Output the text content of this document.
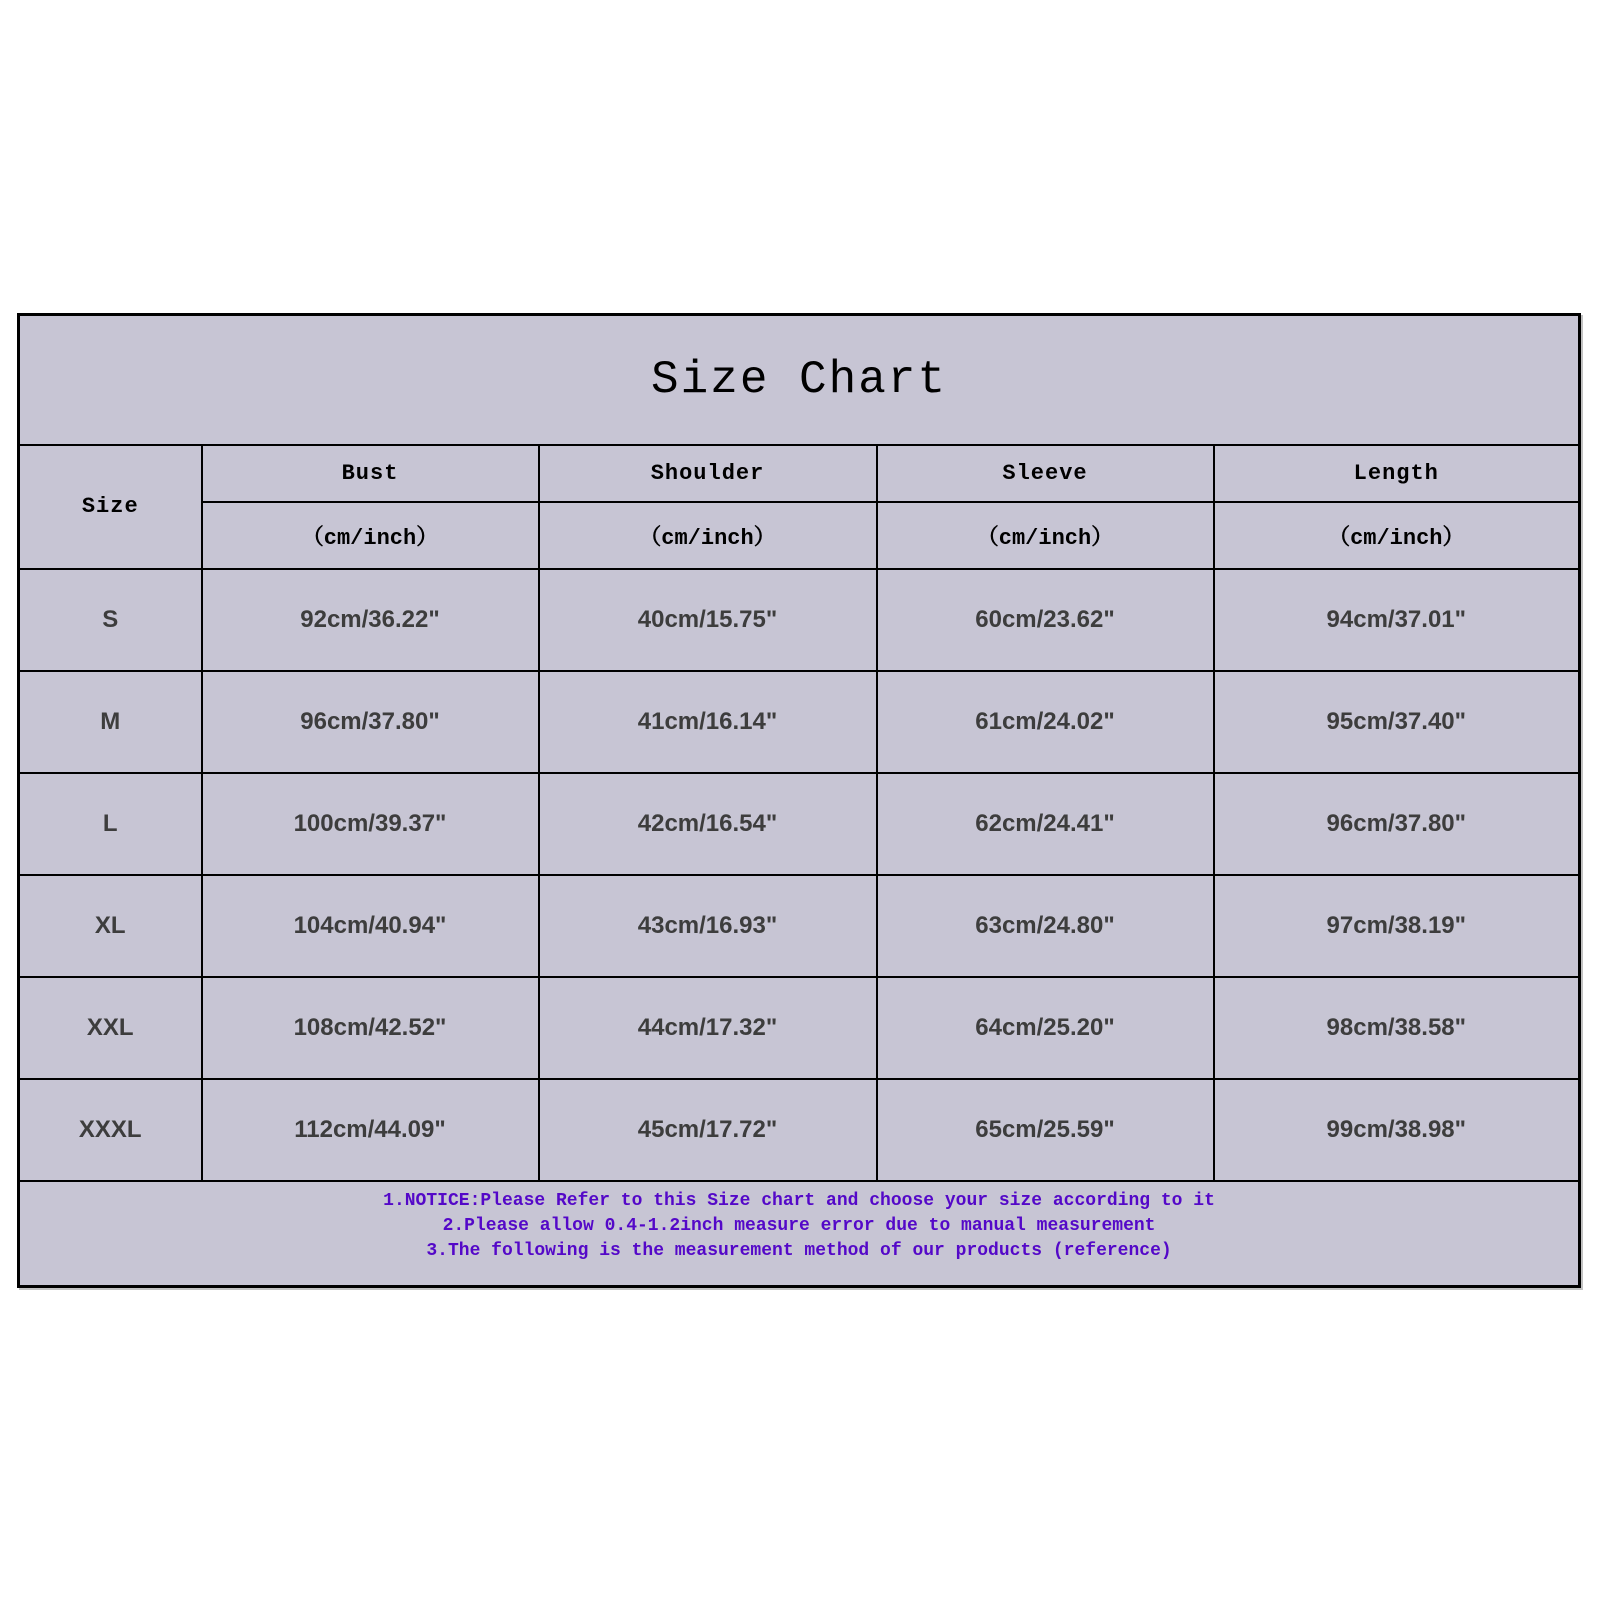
Size Chart				
Size	Bust	Shoulder	Sleeve	Length
	（cm/inch）	（cm/inch）	（cm/inch）	（cm/inch）
S	92cm/36.22"	40cm/15.75"	60cm/23.62"	94cm/37.01"
M	96cm/37.80"	41cm/16.14"	61cm/24.02"	95cm/37.40"
L	100cm/39.37"	42cm/16.54"	62cm/24.41"	96cm/37.80"
XL	104cm/40.94"	43cm/16.93"	63cm/24.80"	97cm/38.19"
XXL	108cm/42.52"	44cm/17.32"	64cm/25.20"	98cm/38.58"
XXXL	112cm/44.09"	45cm/17.72"	65cm/25.59"	99cm/38.98"

1.NOTICE:Please Refer to this Size chart and choose your size according to it
2.Please allow 0.4-1.2inch measure error due to manual measurement
3.The following is the measurement method of our products (reference)				
